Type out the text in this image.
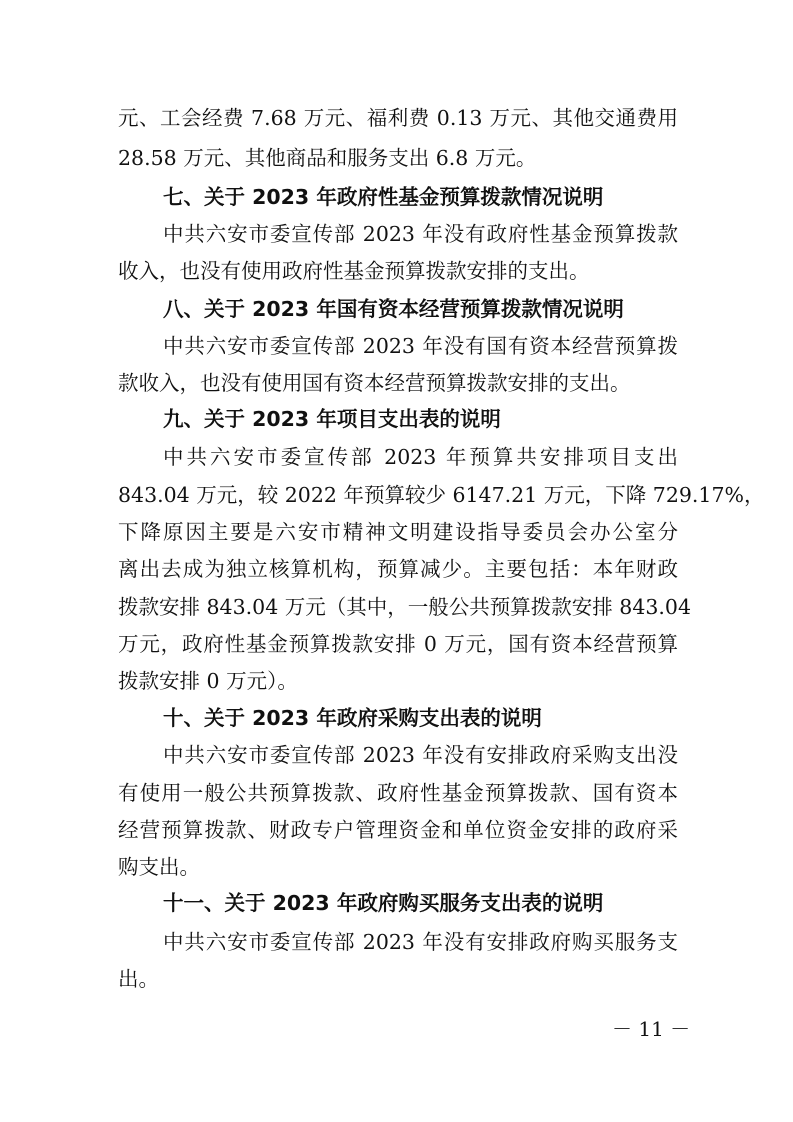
元、工会经费 7.68 万元、福利费 0.13 万元、其他交通费用
28.58 万元、其他商品和服务支出 6.8 万元。
七、关于 2023 年政府性基金预算拨款情况说明
中共六安市委宣传部 2023 年没有政府性基金预算拨款
收入，也没有使用政府性基金预算拨款安排的支出。
八、关于 2023 年国有资本经营预算拨款情况说明
中共六安市委宣传部 2023 年没有国有资本经营预算拨
款收入，也没有使用国有资本经营预算拨款安排的支出。
九、关于 2023 年项目支出表的说明
中共六安市委宣传部 2023 年预算共安排项目支出
843.04 万元，较 2022 年预算较少 6147.21 万元，下降 729.17%，
下降原因主要是六安市精神文明建设指导委员会办公室分
离出去成为独立核算机构，预算减少。主要包括：本年财政
拨款安排 843.04 万元（其中，一般公共预算拨款安排 843.04
万元，政府性基金预算拨款安排 0 万元，国有资本经营预算
拨款安排 0 万元）。
十、关于 2023 年政府采购支出表的说明
中共六安市委宣传部 2023 年没有安排政府采购支出没
有使用一般公共预算拨款、政府性基金预算拨款、国有资本
经营预算拨款、财政专户管理资金和单位资金安排的政府采
购支出。
十一、关于 2023 年政府购买服务支出表的说明
中共六安市委宣传部 2023 年没有安排政府购买服务支
出。
－ 11 －
